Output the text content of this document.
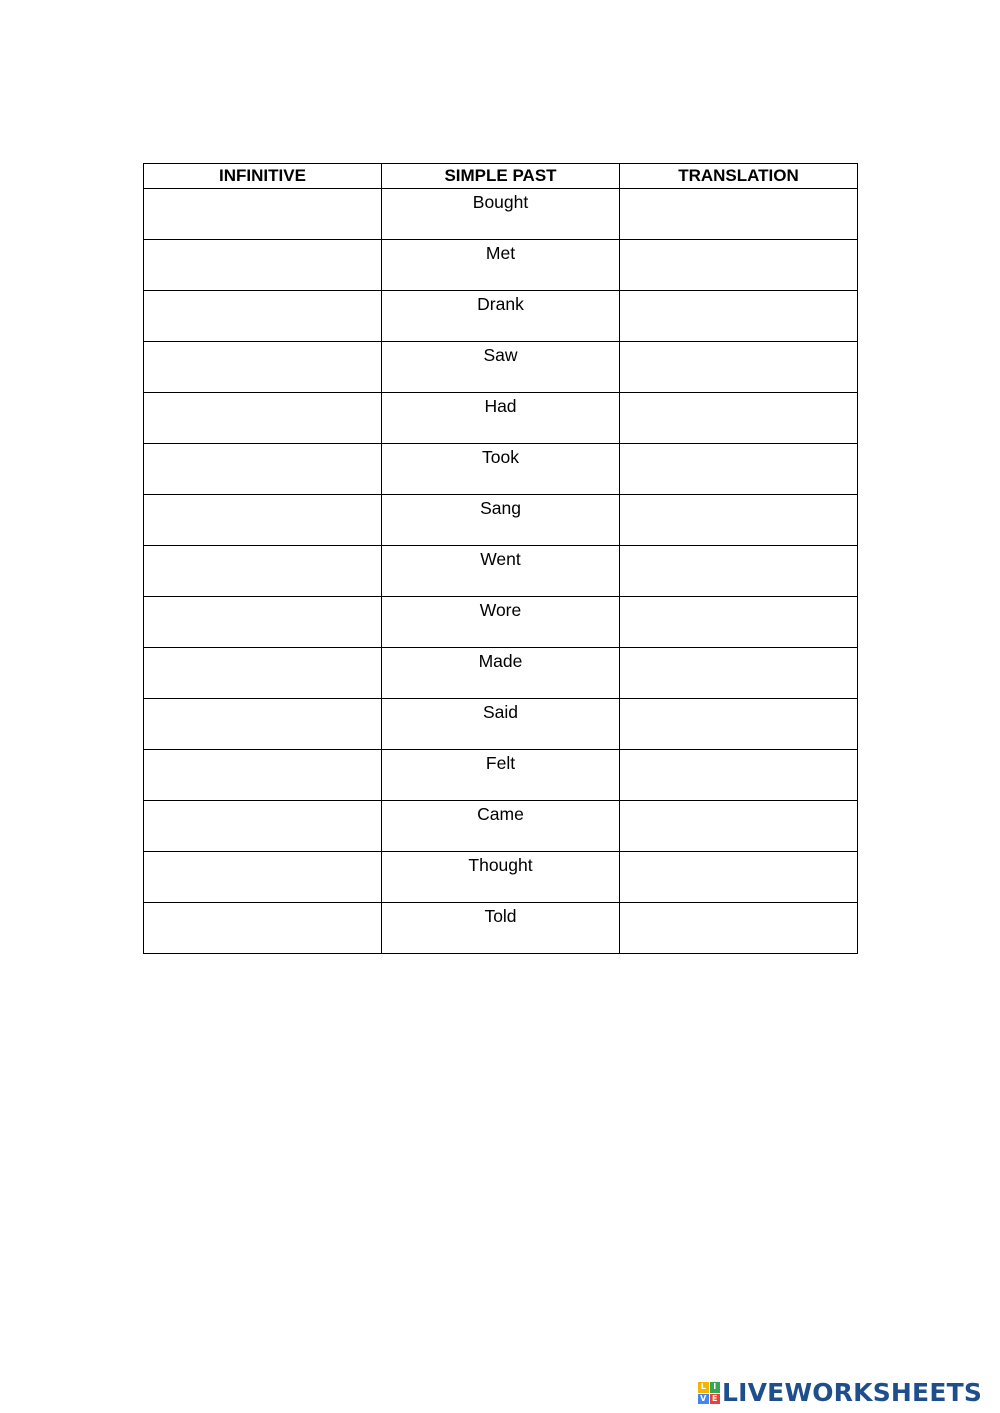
INFINITIVE	SIMPLE PAST	TRANSLATION
	Bought	
	Met	
	Drank	
	Saw	
	Had	
	Took	
	Sang	
	Went	
	Wore	
	Made	
	Said	
	Felt	
	Came	
	Thought	
	Told	
L I
V E LIVEWORKSHEETS
